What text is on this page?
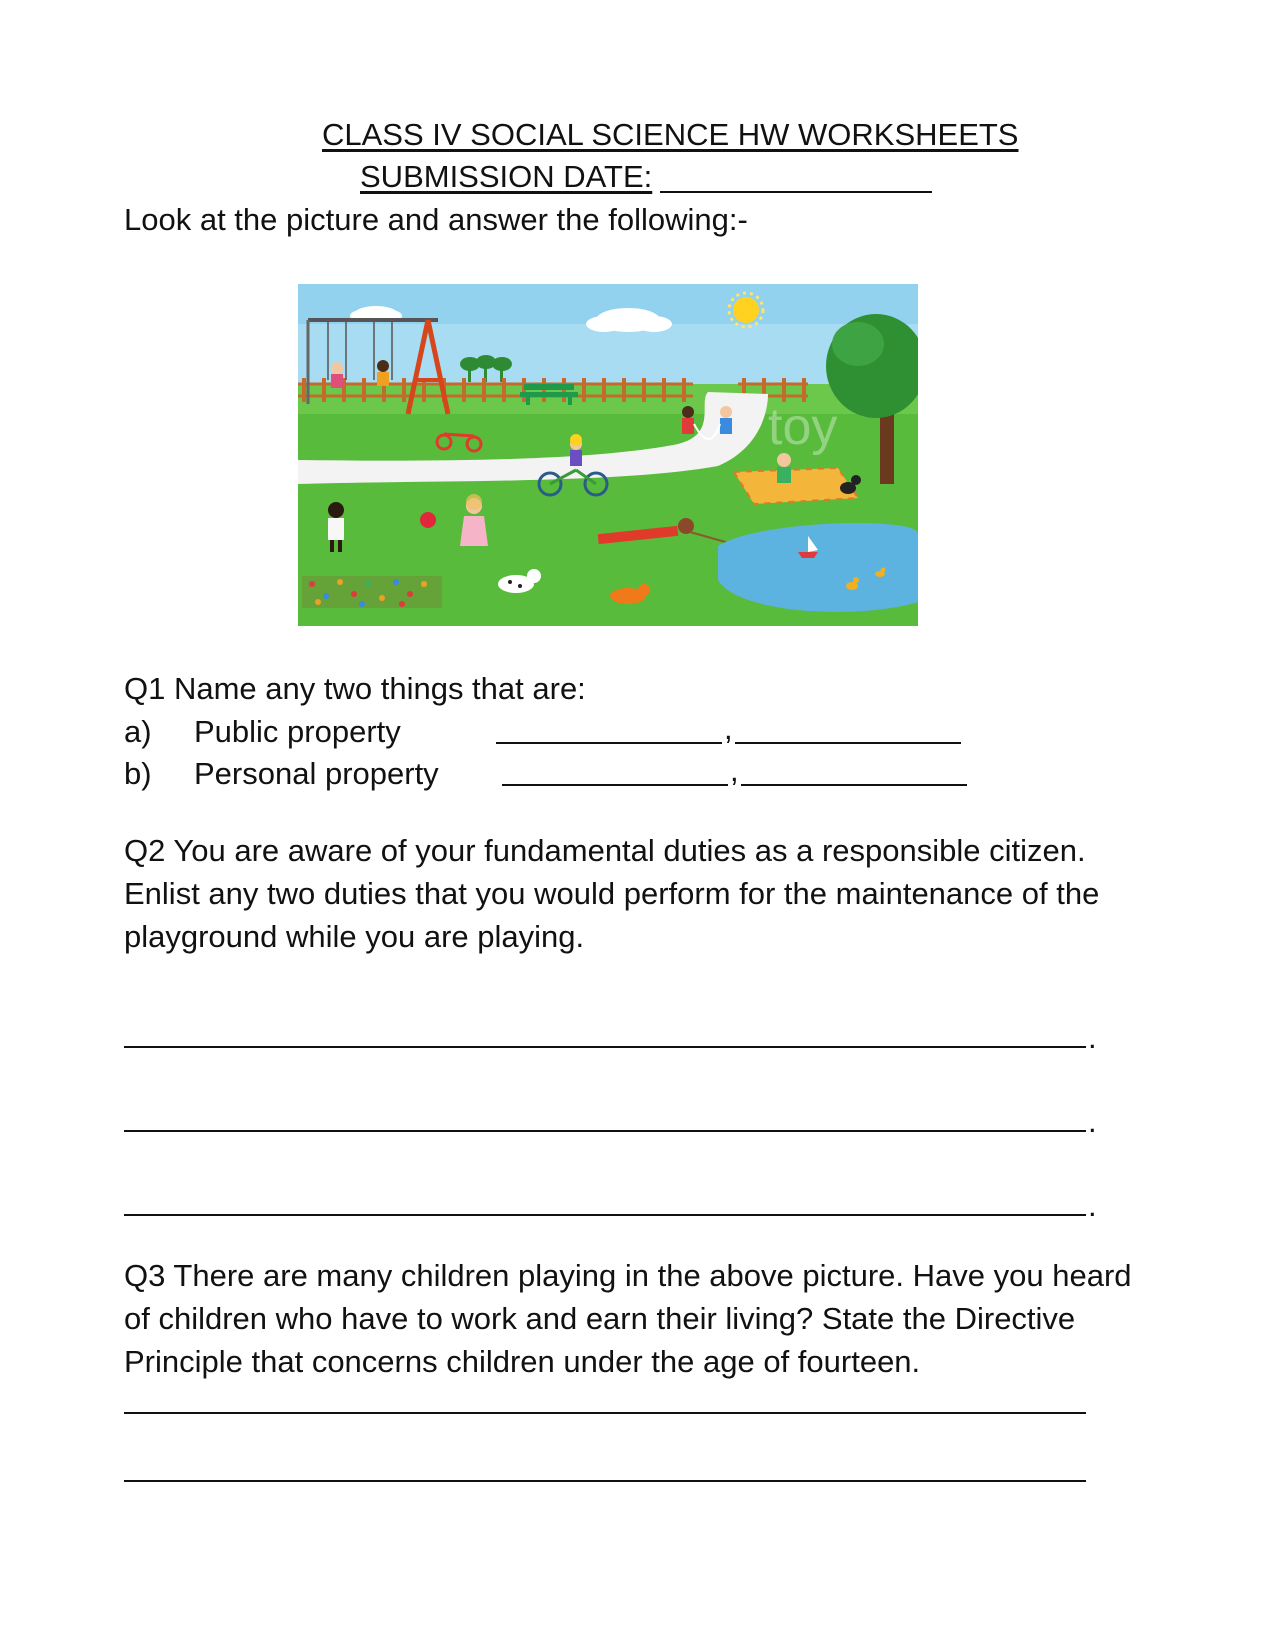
CLASS IV SOCIAL SCIENCE HW WORKSHEETS
SUBMISSION DATE:

Look at the picture and answer the following:-

toy

Q1 Name any two things that are:

a) Public property	,
b) Personal property	,

Q2 You are aware of your fundamental duties as a responsible citizen. Enlist any two duties that you would perform for the maintenance of the playground while you are playing.

.
.
.

Q3 There are many children playing in the above picture. Have you heard of children who have to work and earn their living? State the Directive Principle that concerns children under the age of fourteen.
